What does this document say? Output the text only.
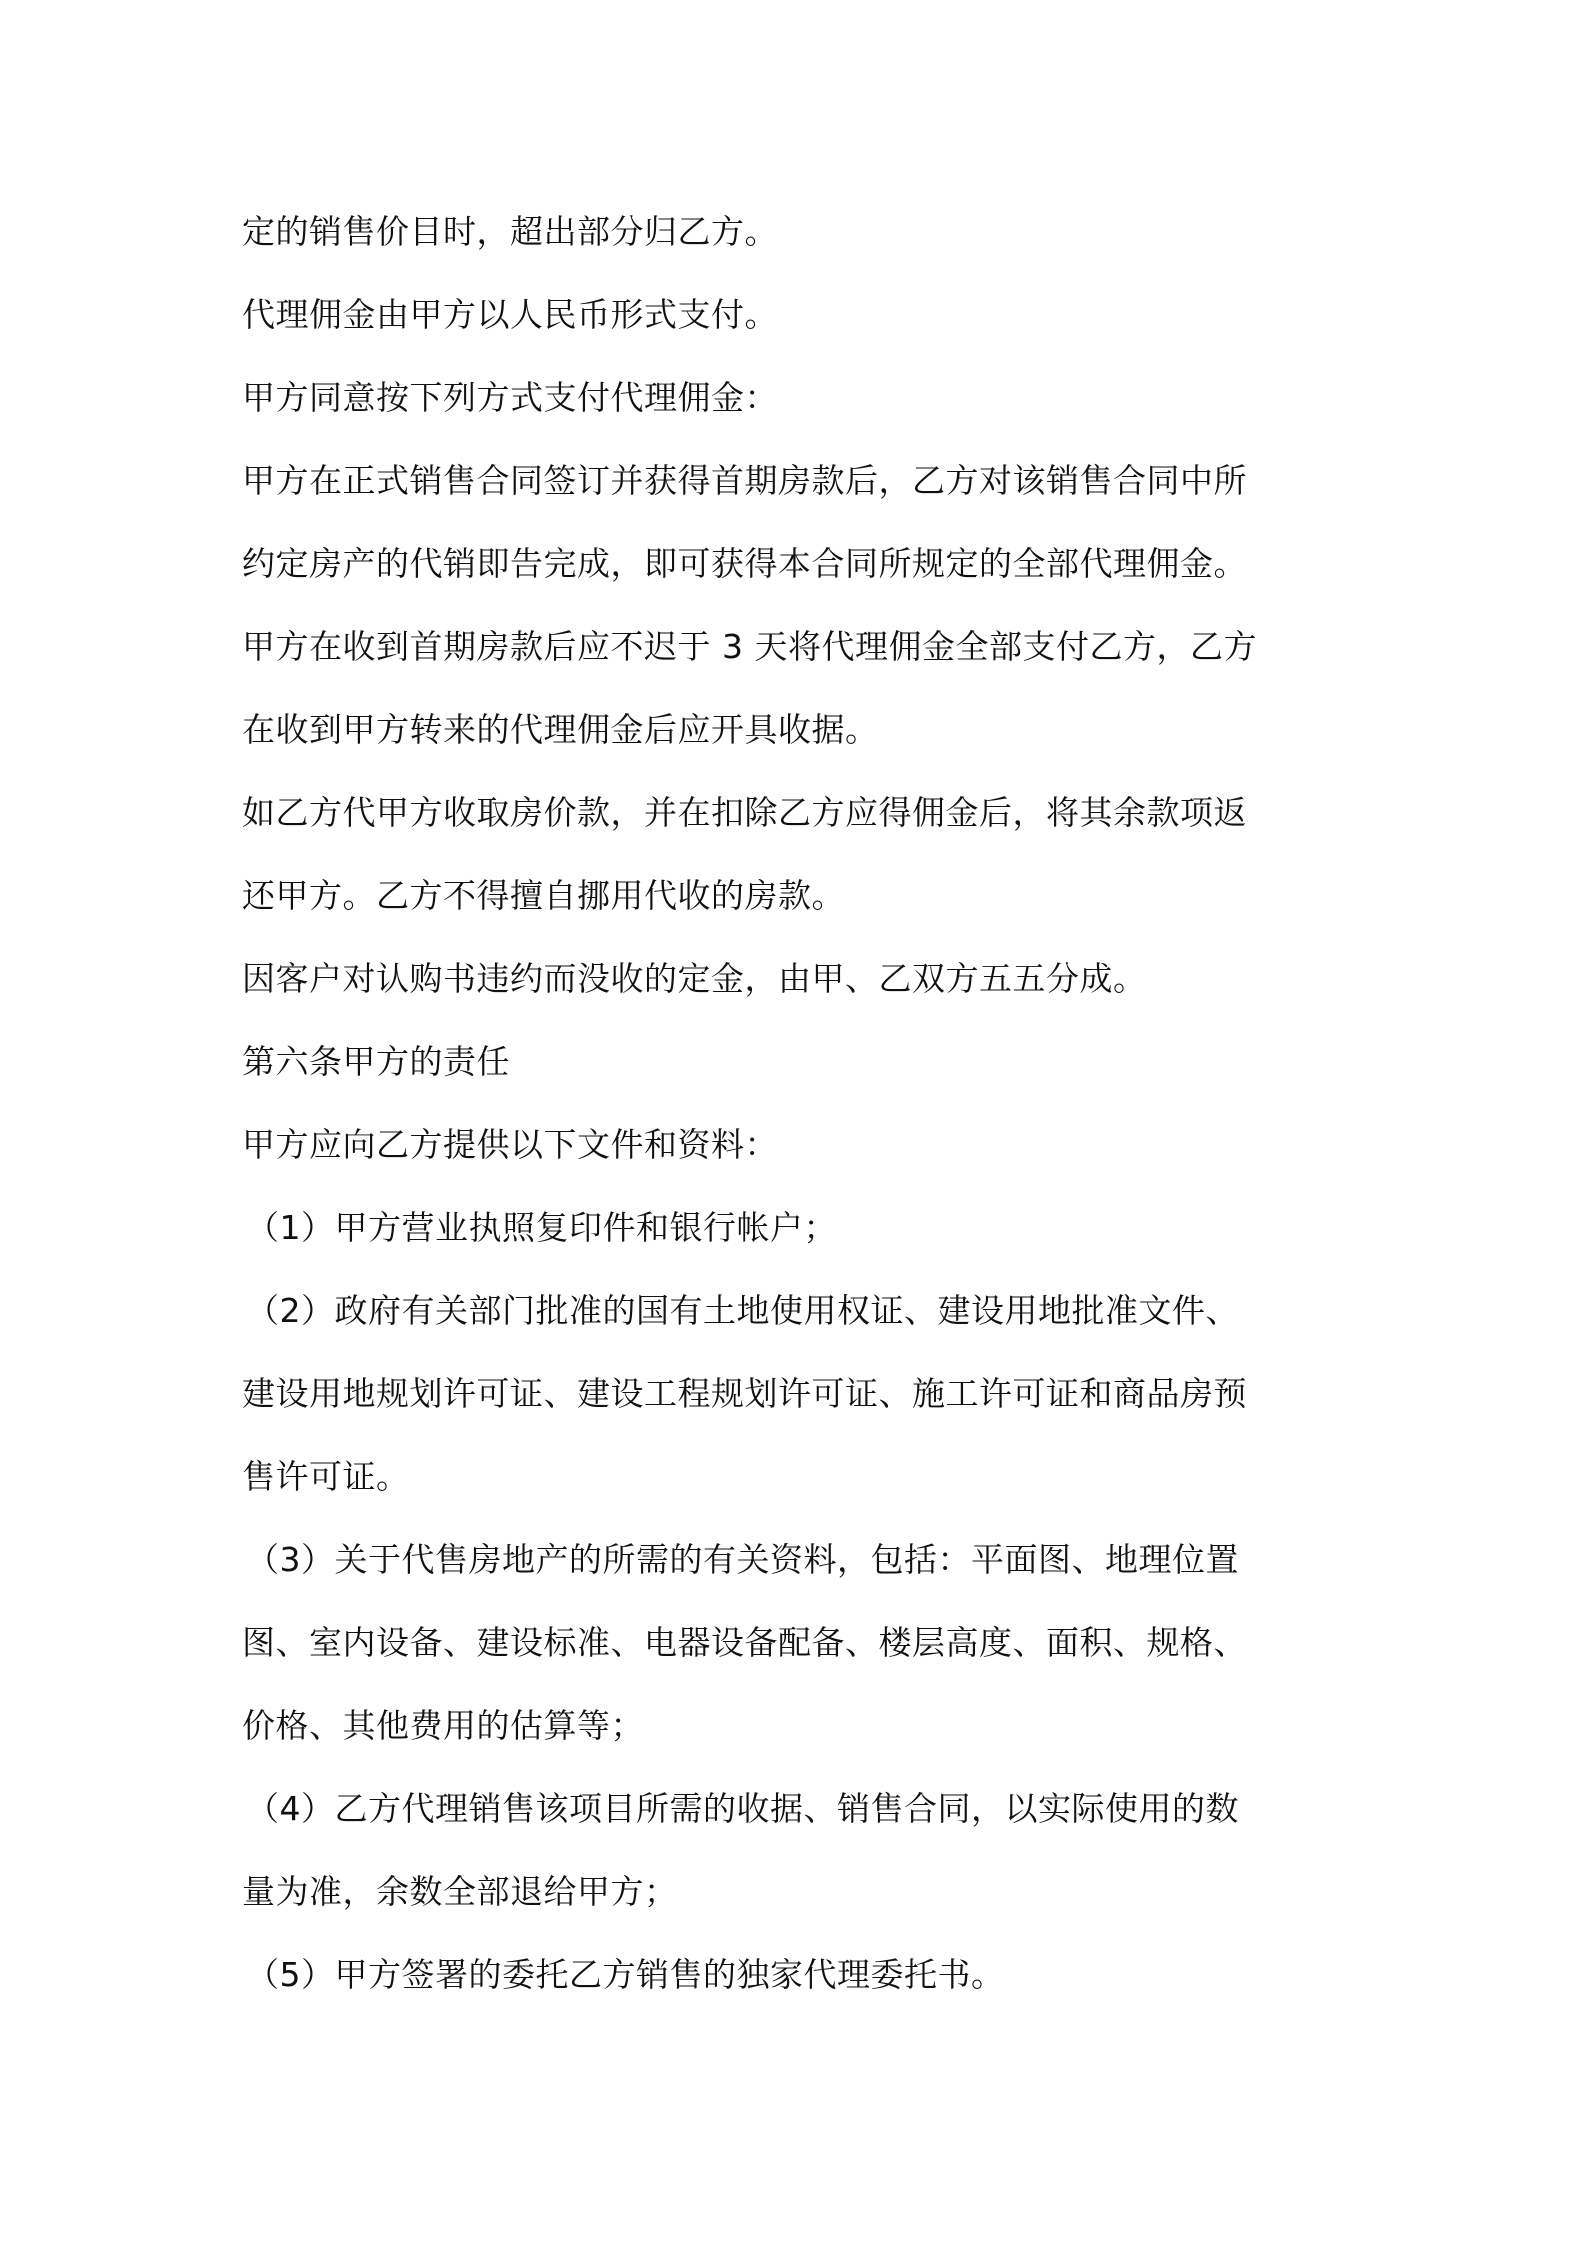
定的销售价目时，超出部分归乙方。
代理佣金由甲方以人民币形式支付。
甲方同意按下列方式支付代理佣金：
甲方在正式销售合同签订并获得首期房款后，乙方对该销售合同中所
约定房产的代销即告完成，即可获得本合同所规定的全部代理佣金。
甲方在收到首期房款后应不迟于 3 天将代理佣金全部支付乙方，乙方
在收到甲方转来的代理佣金后应开具收据。
如乙方代甲方收取房价款，并在扣除乙方应得佣金后，将其余款项返
还甲方。乙方不得擅自挪用代收的房款。
因客户对认购书违约而没收的定金，由甲、乙双方五五分成。
第六条甲方的责任
甲方应向乙方提供以下文件和资料：
（1）甲方营业执照复印件和银行帐户；
（2）政府有关部门批准的国有土地使用权证、建设用地批准文件、
建设用地规划许可证、建设工程规划许可证、施工许可证和商品房预
售许可证。
（3）关于代售房地产的所需的有关资料，包括：平面图、地理位置
图、室内设备、建设标准、电器设备配备、楼层高度、面积、规格、
价格、其他费用的估算等；
（4）乙方代理销售该项目所需的收据、销售合同，以实际使用的数
量为准，余数全部退给甲方；
（5）甲方签署的委托乙方销售的独家代理委托书。
